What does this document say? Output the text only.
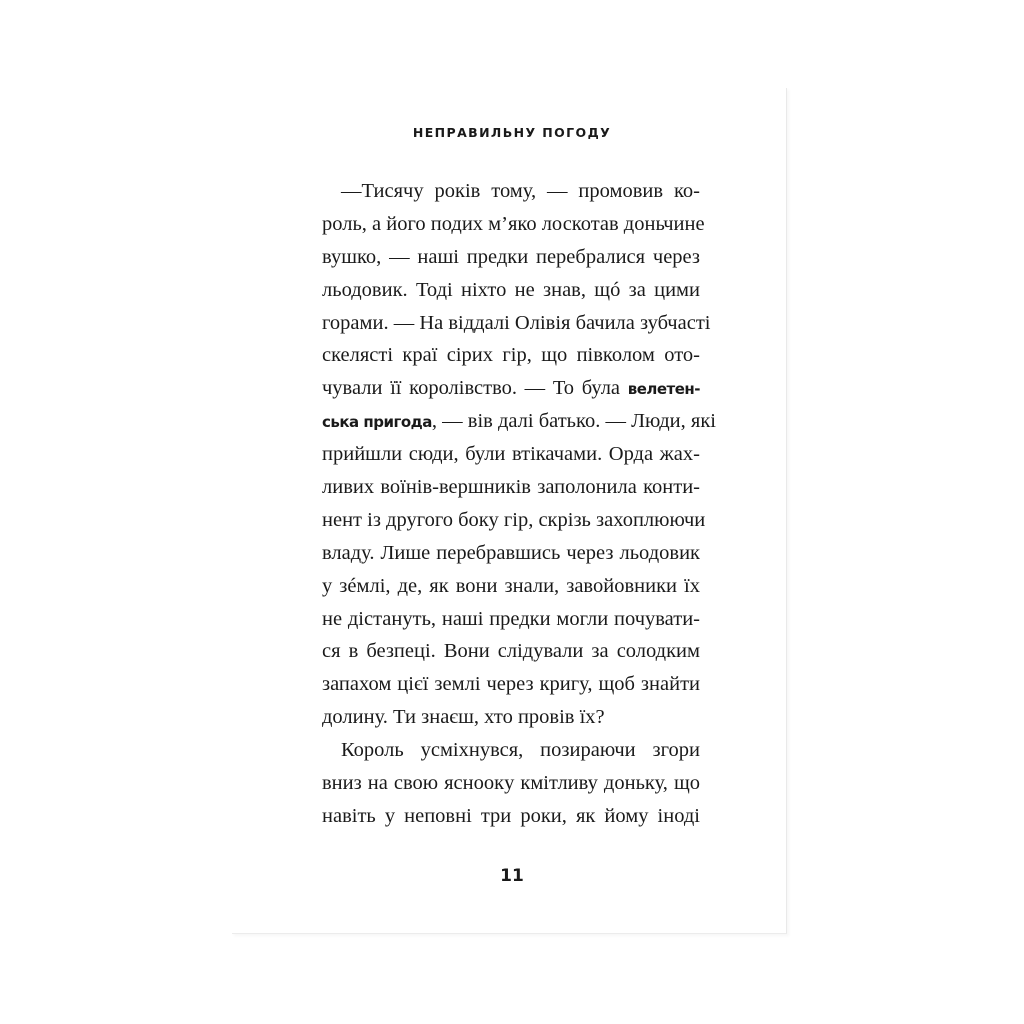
НЕПРАВИЛЬНУ ПОГОДУ
—Тисячу років тому, — промовив ко-
роль, а його подих м’яко лоскотав доньчине
вушко, — наші предки перебралися через
льодовик. Тоді ніхто не знав, щó за цими
горами. — На віддалі Олівія бачила зубчасті
скелясті краї сірих гір, що півколом ото-
чували її королівство. — То була велетен-
ська пригода, — вів далі батько. — Люди, які
прийшли сюди, були втікачами. Орда жах-
ливих воїнів-вершників заполонила конти-
нент із другого боку гір, скрізь захоплюючи
владу. Лише перебравшись через льодовик
у зéмлі, де, як вони знали, завойовники їх
не дістануть, наші предки могли почувати-
ся в безпеці. Вони слідували за солодким
запахом цієї землі через кригу, щоб знайти
долину. Ти знаєш, хто провів їх?
Король усміхнувся, позираючи згори
вниз на свою ясноокy кмітливу доньку, що
навіть у неповні три роки, як йому іноді
11
